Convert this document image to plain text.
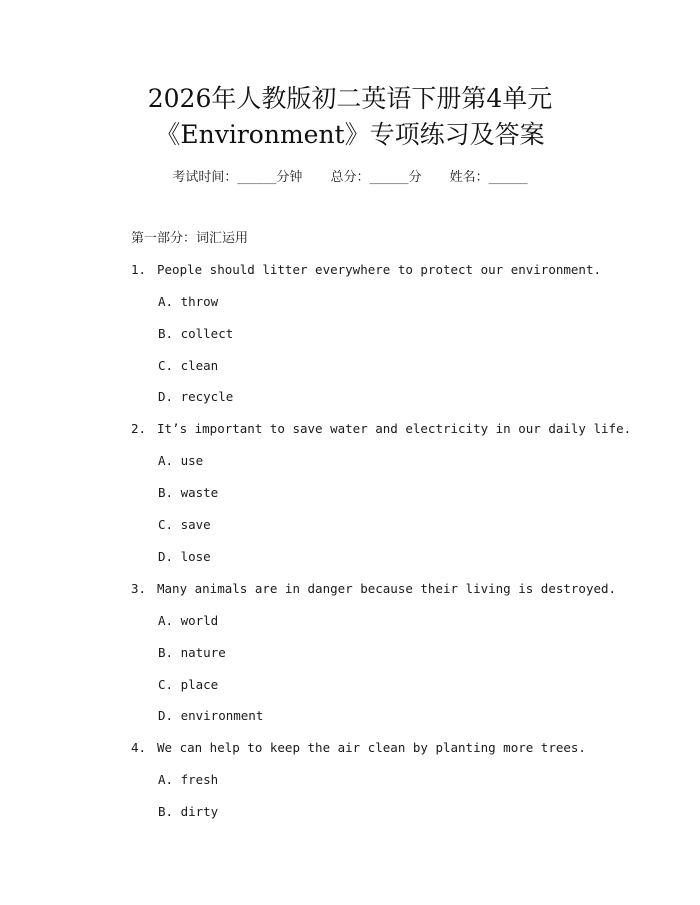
2026年人教版初二英语下册第4单元
《Environment》专项练习及答案
考试时间：______分钟 总分：______分 姓名：______
第一部分：词汇运用
1. People should litter everywhere to protect our environment.
A. throw
B. collect
C. clean
D. recycle
2. It’s important to save water and electricity in our daily life.
A. use
B. waste
C. save
D. lose
3. Many animals are in danger because their living is destroyed.
A. world
B. nature
C. place
D. environment
4. We can help to keep the air clean by planting more trees.
A. fresh
B. dirty
